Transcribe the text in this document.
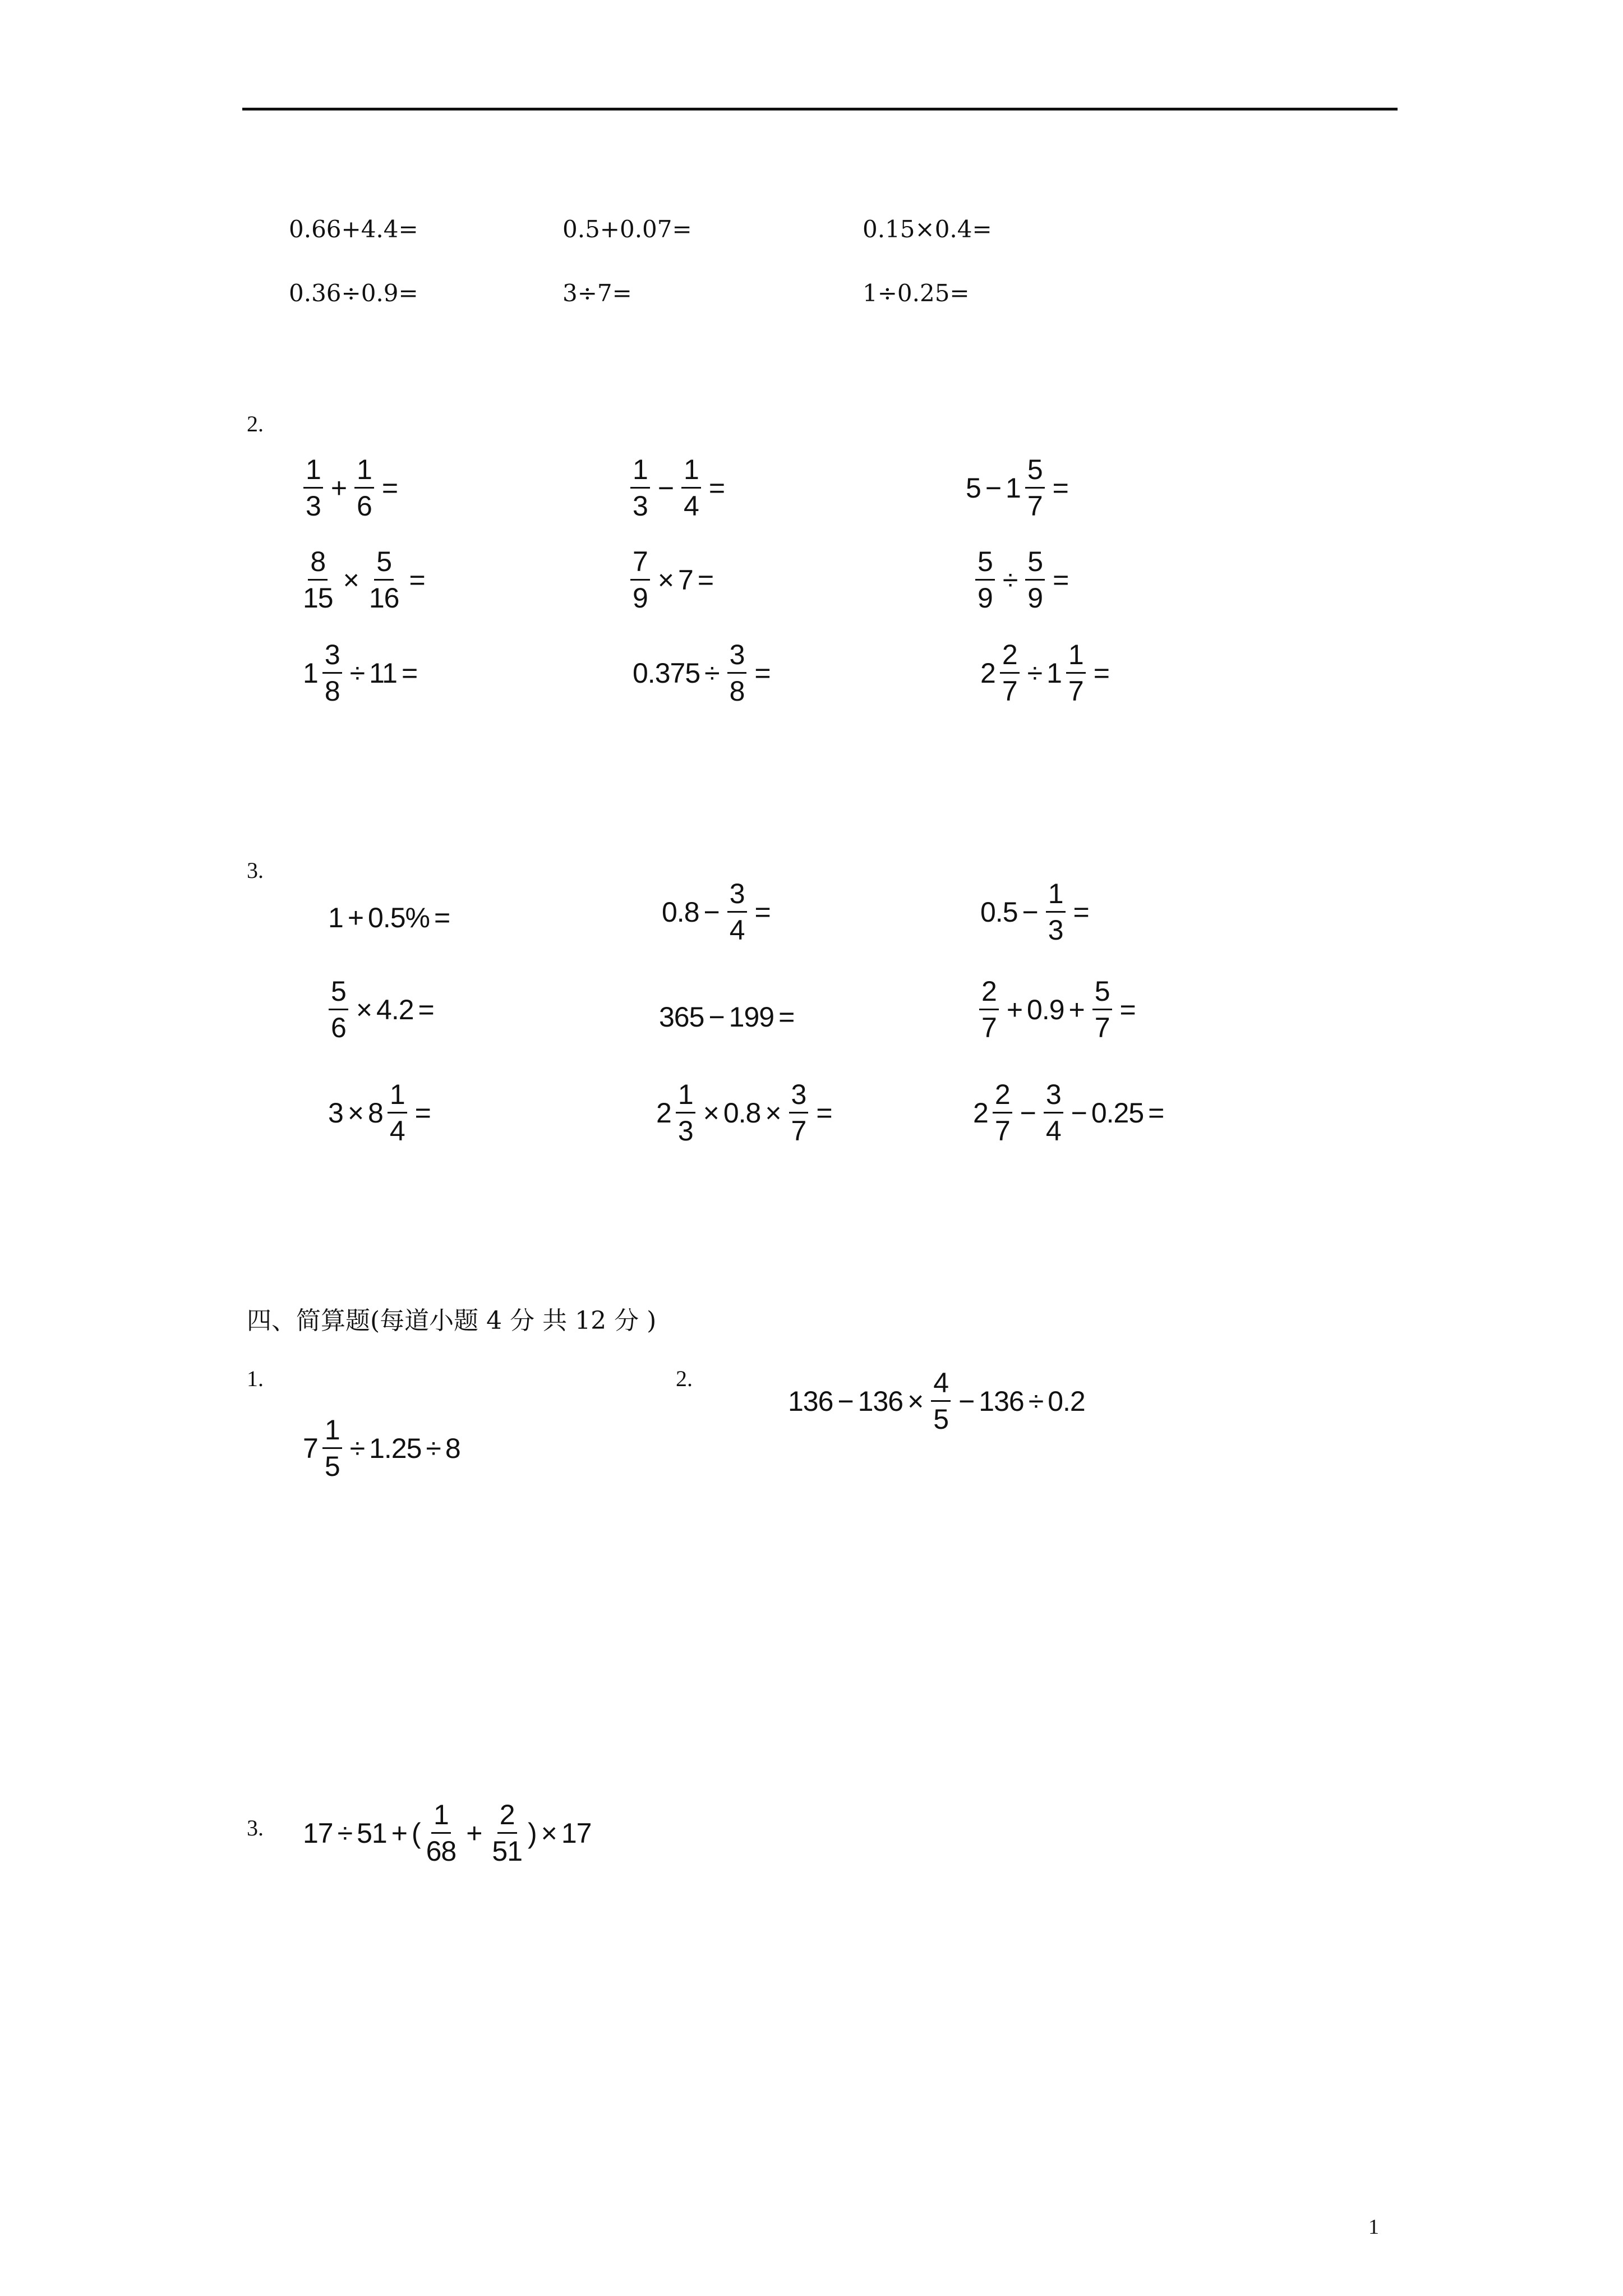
0.66+4.4=	0.5+0.07=	0.15×0.4=
0.36÷0.9=	3÷7=	1÷0.25=
2.
$\frac{1}{3} + \frac{1}{6}$ =	$\frac{1}{3} - \frac{1}{4}$ =	$5 - 1 \frac{5}{7}$ =
$\frac{8}{15} \times \frac{5}{16}$ =	$\frac{7}{9} \times 7$ =	$\frac{5}{9} \div \frac{5}{9}$ =
$1 \frac{3}{8} \div 11$ =	$0.375 \div \frac{3}{8}$ =	$2 \frac{2}{7} \div 1 \frac{1}{7}$ =
3.
1 + 0.5% =	$0.8 - \frac{3}{4}$ =	$0.5 - \frac{1}{3}$ =
$\frac{5}{6} \times 4.2$ =	365 − 199 =	$\frac{2}{7} + 0.9 + \frac{5}{7}$ =
$3 \times 8 \frac{1}{4}$ =	$2 \frac{1}{3} \times 0.8 \times \frac{3}{7}$ =	$2 \frac{2}{7} - \frac{3}{4} - 0.25$ =
四、简算题(每道小题 4 分 共 12 分 )
1.
$7 \frac{1}{5} \div 1.25 \div 8$
2.
$136 - 136 \times \frac{4}{5} - 136 \div 0.2$
3. 17 ÷ 51 + ( $\frac{1}{68} + \frac{2}{51}$ ) × 17
1
